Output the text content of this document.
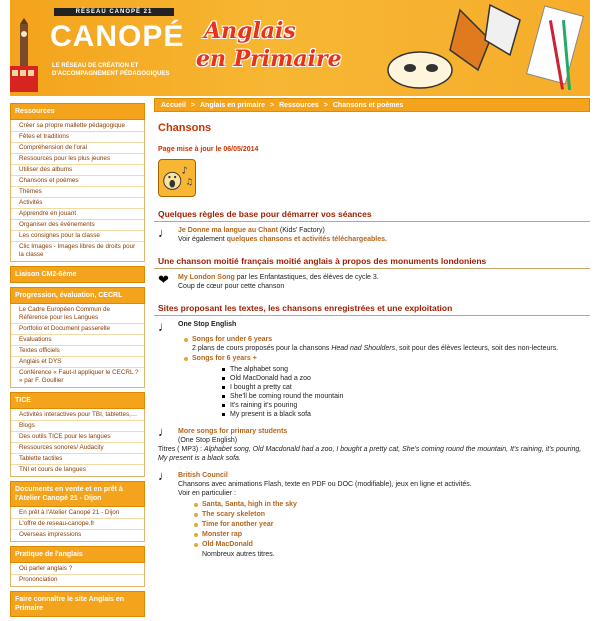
RÉSEAU CANOPÉ 21
CANOPÉ
LE RÉSEAU DE CRÉATION ET D'ACCOMPAGNEMENT PÉDAGOGIQUES
Anglais
en Primaire
Ressources
Créer sa propre mallette pédagogique
Fêtes et traditions
Compréhension de l'oral
Ressources pour les plus jeunes
Utiliser des albums
Chansons et poèmes
Thèmes
Activités
Apprendre en jouant
Organiser des événements
Les consignes pour la classe
Clic Images - Images libres de droits pour la classe
Liaison CM2-6ème
Progression, évaluation, CECRL
Le Cadre Européen Commun de Référence pour les Langues
Portfolio et Document passerelle
Evaluations
Textes officiels
Anglais et DYS
Conférence « Faut-il appliquer le CECRL ? » par F. Goullier
TICE
Activités interactives pour TBI, tablettes,…
Blogs
Des outils TICE pour les langues
Ressources sonores/ Audacity
Tablette tactiles
TNI et cours de langues
Documents en vente et en prêt à l'Atelier Canopé 21 - Dijon
En prêt à l'Atelier Canopé 21 - Dijon
L'offre de reseau-canope.fr
Overseas impressions
Pratique de l'anglais
Oú parler anglais ?
Prononciation
Faire connaître le site Anglais en Primaire
Accueil > Anglais en primaire > Ressources > Chansons et poèmes
Chansons
Page mise à jour le 06/05/2014
♪
♫
Quelques règles de base pour démarrer vos séances
♩ Je Donne ma langue au Chant (Kids' Factory)
Voir également quelques chansons et activités téléchargeables.
Une chanson moitié français moitié anglais à propos des monuments londoniens
❤	My London Song par les Enfantastiques, des élèves de cycle 3.
Coup de cœur pour cette chanson
Sites proposant les textes, les chansons enregistrées et une exploitation
♩ One Stop English
Songs for under 6 years
2 plans de cours proposés pour la chansons Head nad Shoulders, soit pour des élèves lecteurs, soit des non-lecteurs.
Songs for 6 years +
The alphabet song
Old MacDonald had a zoo
I bought a pretty cat
She'll be coming round the mountain
It's raining it's pouring
My present is a black sofa
♩ More songs for primary students
(One Stop English)
Titres ( MP3) : Alphabet song, Old Macdonald had a zoo, I bought a pretty cat, She's coming round the mountain, It's raining, it's pouring, My present is a black sofa.
♩ British Council
Chansons avec animations Flash, texte en PDF ou DOC (modifiable), jeux en ligne et activités.
Voir en particulier :
Santa, Santa, high in the sky
The scary skeleton
Time for another year
Monster rap
Old MacDonald
Nombreux autres titres.
